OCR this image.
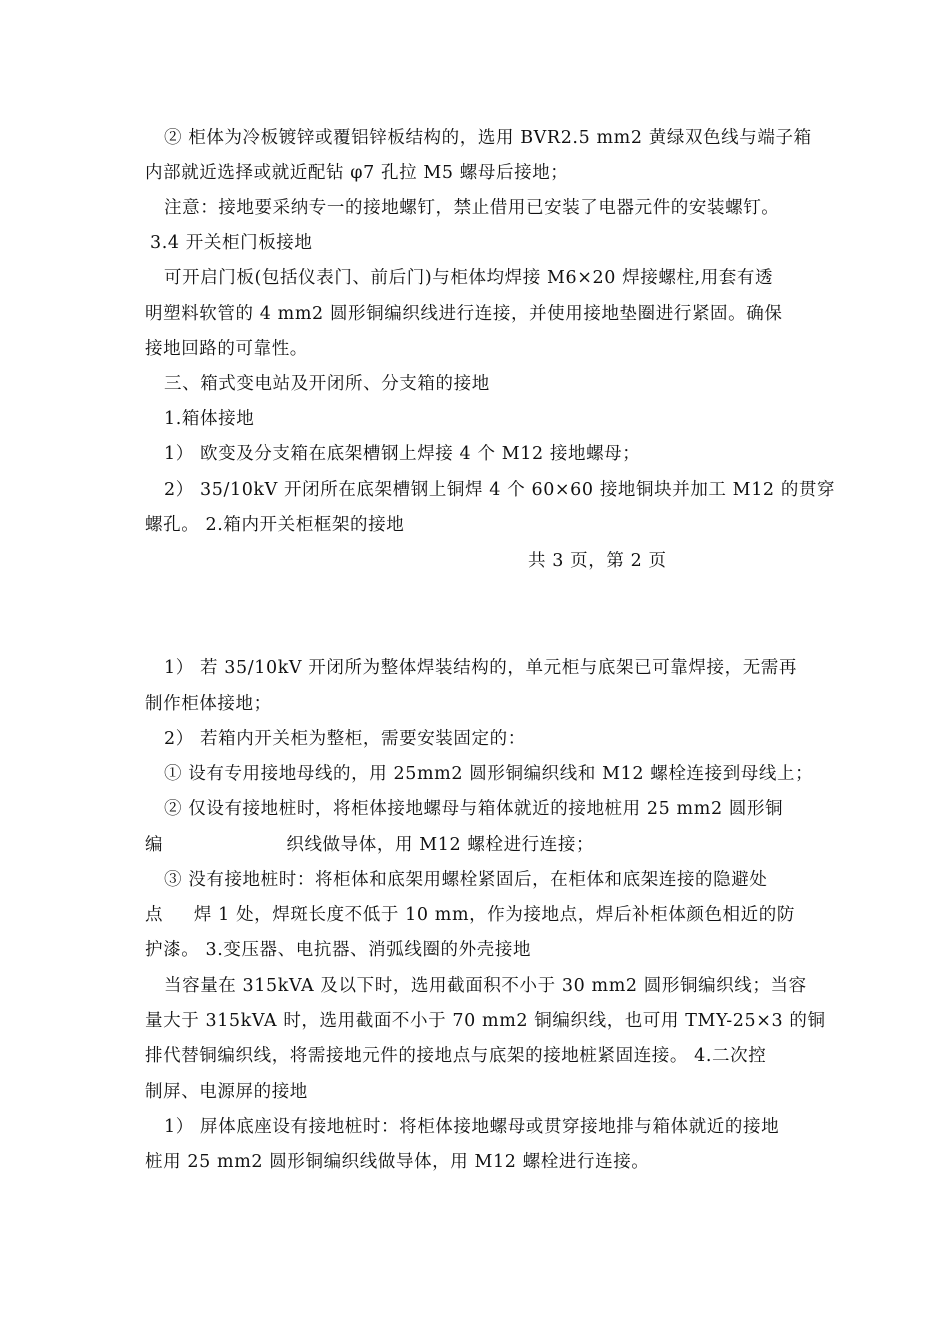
② 柜体为冷板镀锌或覆铝锌板结构的，选用 BVR2.5 mm2 黄绿双色线与端子箱
内部就近选择或就近配钻 φ7 孔拉 M5 螺母后接地；
注意：接地要采纳专一的接地螺钉，禁止借用已安装了电器元件的安装螺钉。
3.4 开关柜门板接地
可开启门板(包括仪表门、前后门)与柜体均焊接 M6×20 焊接螺柱,用套有透
明塑料软管的 4 mm2 圆形铜编织线进行连接，并使用接地垫圈进行紧固。确保
接地回路的可靠性。
三、箱式变电站及开闭所、分支箱的接地
1.箱体接地
1） 欧变及分支箱在底架槽钢上焊接 4 个 M12 接地螺母；
2） 35/10kV 开闭所在底架槽钢上铜焊 4 个 60×60 接地铜块并加工 M12 的贯穿
螺孔。 2.箱内开关柜框架的接地
共 3 页，第 2 页
1） 若 35/10kV 开闭所为整体焊装结构的，单元柜与底架已可靠焊接，无需再
制作柜体接地；
2） 若箱内开关柜为整柜，需要安装固定的：
① 设有专用接地母线的，用 25mm2 圆形铜编织线和 M12 螺栓连接到母线上；
② 仅设有接地桩时，将柜体接地螺母与箱体就近的接地桩用 25 mm2 圆形铜
编                    织线做导体，用 M12 螺栓进行连接；
③ 没有接地桩时：将柜体和底架用螺栓紧固后，在柜体和底架连接的隐避处
点     焊 1 处，焊斑长度不低于 10 mm，作为接地点，焊后补柜体颜色相近的防
护漆。 3.变压器、电抗器、消弧线圈的外壳接地
当容量在 315kVA 及以下时，选用截面积不小于 30 mm2 圆形铜编织线；当容
量大于 315kVA 时，选用截面不小于 70 mm2 铜编织线，也可用 TMY-25×3 的铜
排代替铜编织线，将需接地元件的接地点与底架的接地桩紧固连接。 4.二次控
制屏、电源屏的接地
1） 屏体底座设有接地桩时：将柜体接地螺母或贯穿接地排与箱体就近的接地
桩用 25 mm2 圆形铜编织线做导体，用 M12 螺栓进行连接。
